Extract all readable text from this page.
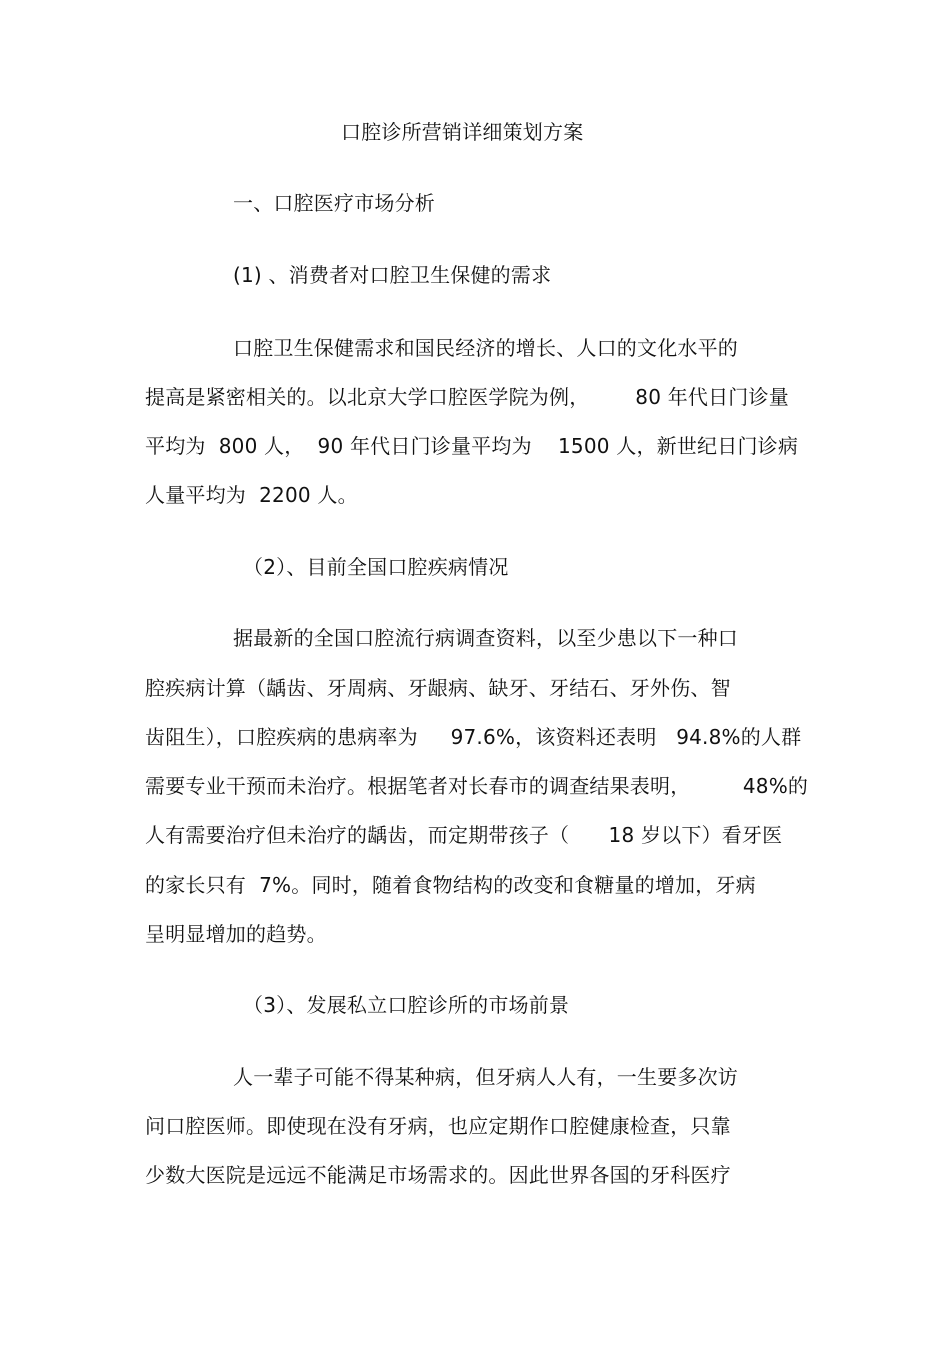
口腔诊所营销详细策划方案
一、口腔医疗市场分析
(1) 、消费者对口腔卫生保健的需求
口腔卫生保健需求和国民经济的增长、人口的文化水平的
提高是紧密相关的。以北京大学口腔医学院为例，       80 年代日门诊量
平均为  800 人，  90 年代日门诊量平均为    1500 人，新世纪日门诊病
人量平均为  2200 人。
（2）、目前全国口腔疾病情况
据最新的全国口腔流行病调查资料，以至少患以下一种口
腔疾病计算（龋齿、牙周病、牙龈病、缺牙、牙结石、牙外伤、智
齿阻生），口腔疾病的患病率为     97.6%，该资料还表明   94.8%的人群
需要专业干预而未治疗。根据笔者对长春市的调查结果表明，        48%的
人有需要治疗但未治疗的龋齿，而定期带孩子（      18 岁以下）看牙医
的家长只有  7%。同时，随着食物结构的改变和食糖量的增加，牙病
呈明显增加的趋势。
（3）、发展私立口腔诊所的市场前景
人一辈子可能不得某种病，但牙病人人有，一生要多次访
问口腔医师。即使现在没有牙病，也应定期作口腔健康检查，只靠
少数大医院是远远不能满足市场需求的。因此世界各国的牙科医疗
